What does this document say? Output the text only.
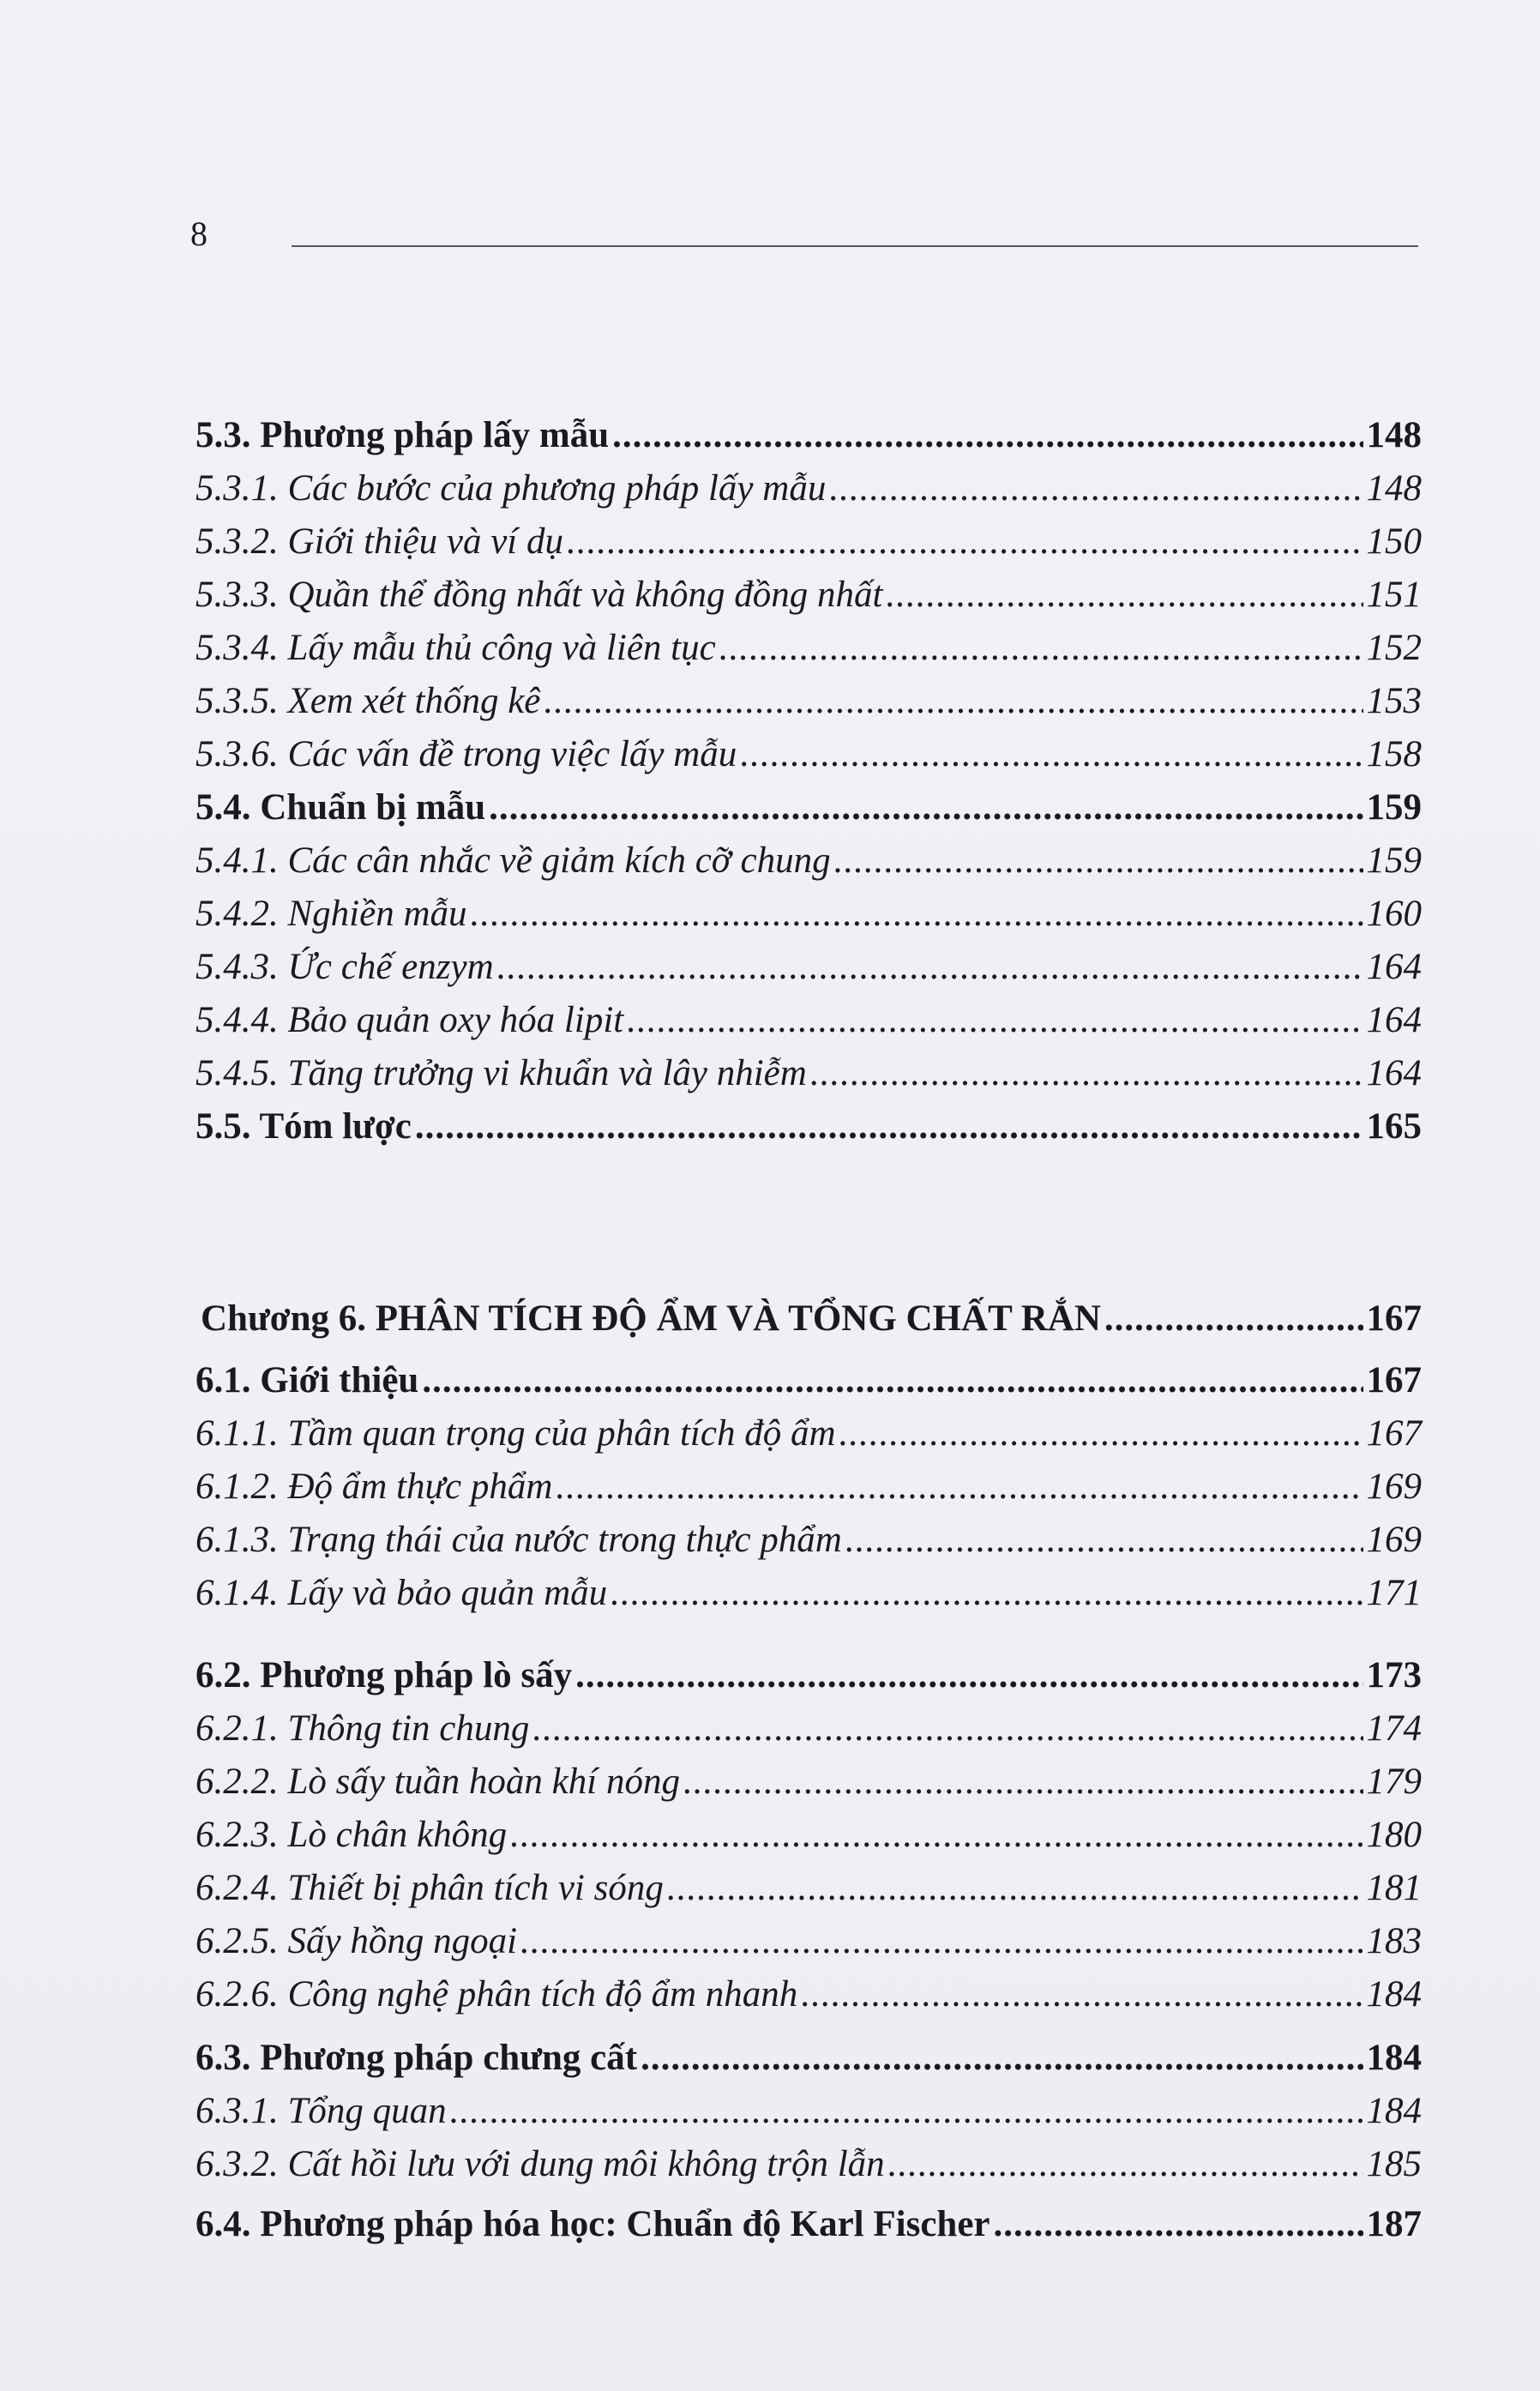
8
5.3. Phương pháp lấy mẫu .....	148
5.3.1. Các bước của phương pháp lấy mẫu .....	148
5.3.2. Giới thiệu và ví dụ .....	150
5.3.3. Quần thể đồng nhất và không đồng nhất .....	151
5.3.4. Lấy mẫu thủ công và liên tục .....	152
5.3.5. Xem xét thống kê .....	153
5.3.6. Các vấn đề trong việc lấy mẫu .....	158
5.4. Chuẩn bị mẫu .....	159
5.4.1. Các cân nhắc về giảm kích cỡ chung .....	159
5.4.2. Nghiền mẫu .....	160
5.4.3. Ức chế enzym .....	164
5.4.4. Bảo quản oxy hóa lipit .....	164
5.4.5. Tăng trưởng vi khuẩn và lây nhiễm .....	164
5.5. Tóm lược .....	165
Chương 6. PHÂN TÍCH ĐỘ ẨM VÀ TỔNG CHẤT RẮN .....	167
6.1. Giới thiệu .....	167
6.1.1. Tầm quan trọng của phân tích độ ẩm .....	167
6.1.2. Độ ẩm thực phẩm .....	169
6.1.3. Trạng thái của nước trong thực phẩm .....	169
6.1.4. Lấy và bảo quản mẫu .....	171
6.2. Phương pháp lò sấy .....	173
6.2.1. Thông tin chung .....	174
6.2.2. Lò sấy tuần hoàn khí nóng .....	179
6.2.3. Lò chân không .....	180
6.2.4. Thiết bị phân tích vi sóng .....	181
6.2.5. Sấy hồng ngoại .....	183
6.2.6. Công nghệ phân tích độ ẩm nhanh .....	184
6.3. Phương pháp chưng cất .....	184
6.3.1. Tổng quan .....	184
6.3.2. Cất hồi lưu với dung môi không trộn lẫn .....	185
6.4. Phương pháp hóa học: Chuẩn độ Karl Fischer .....	187
